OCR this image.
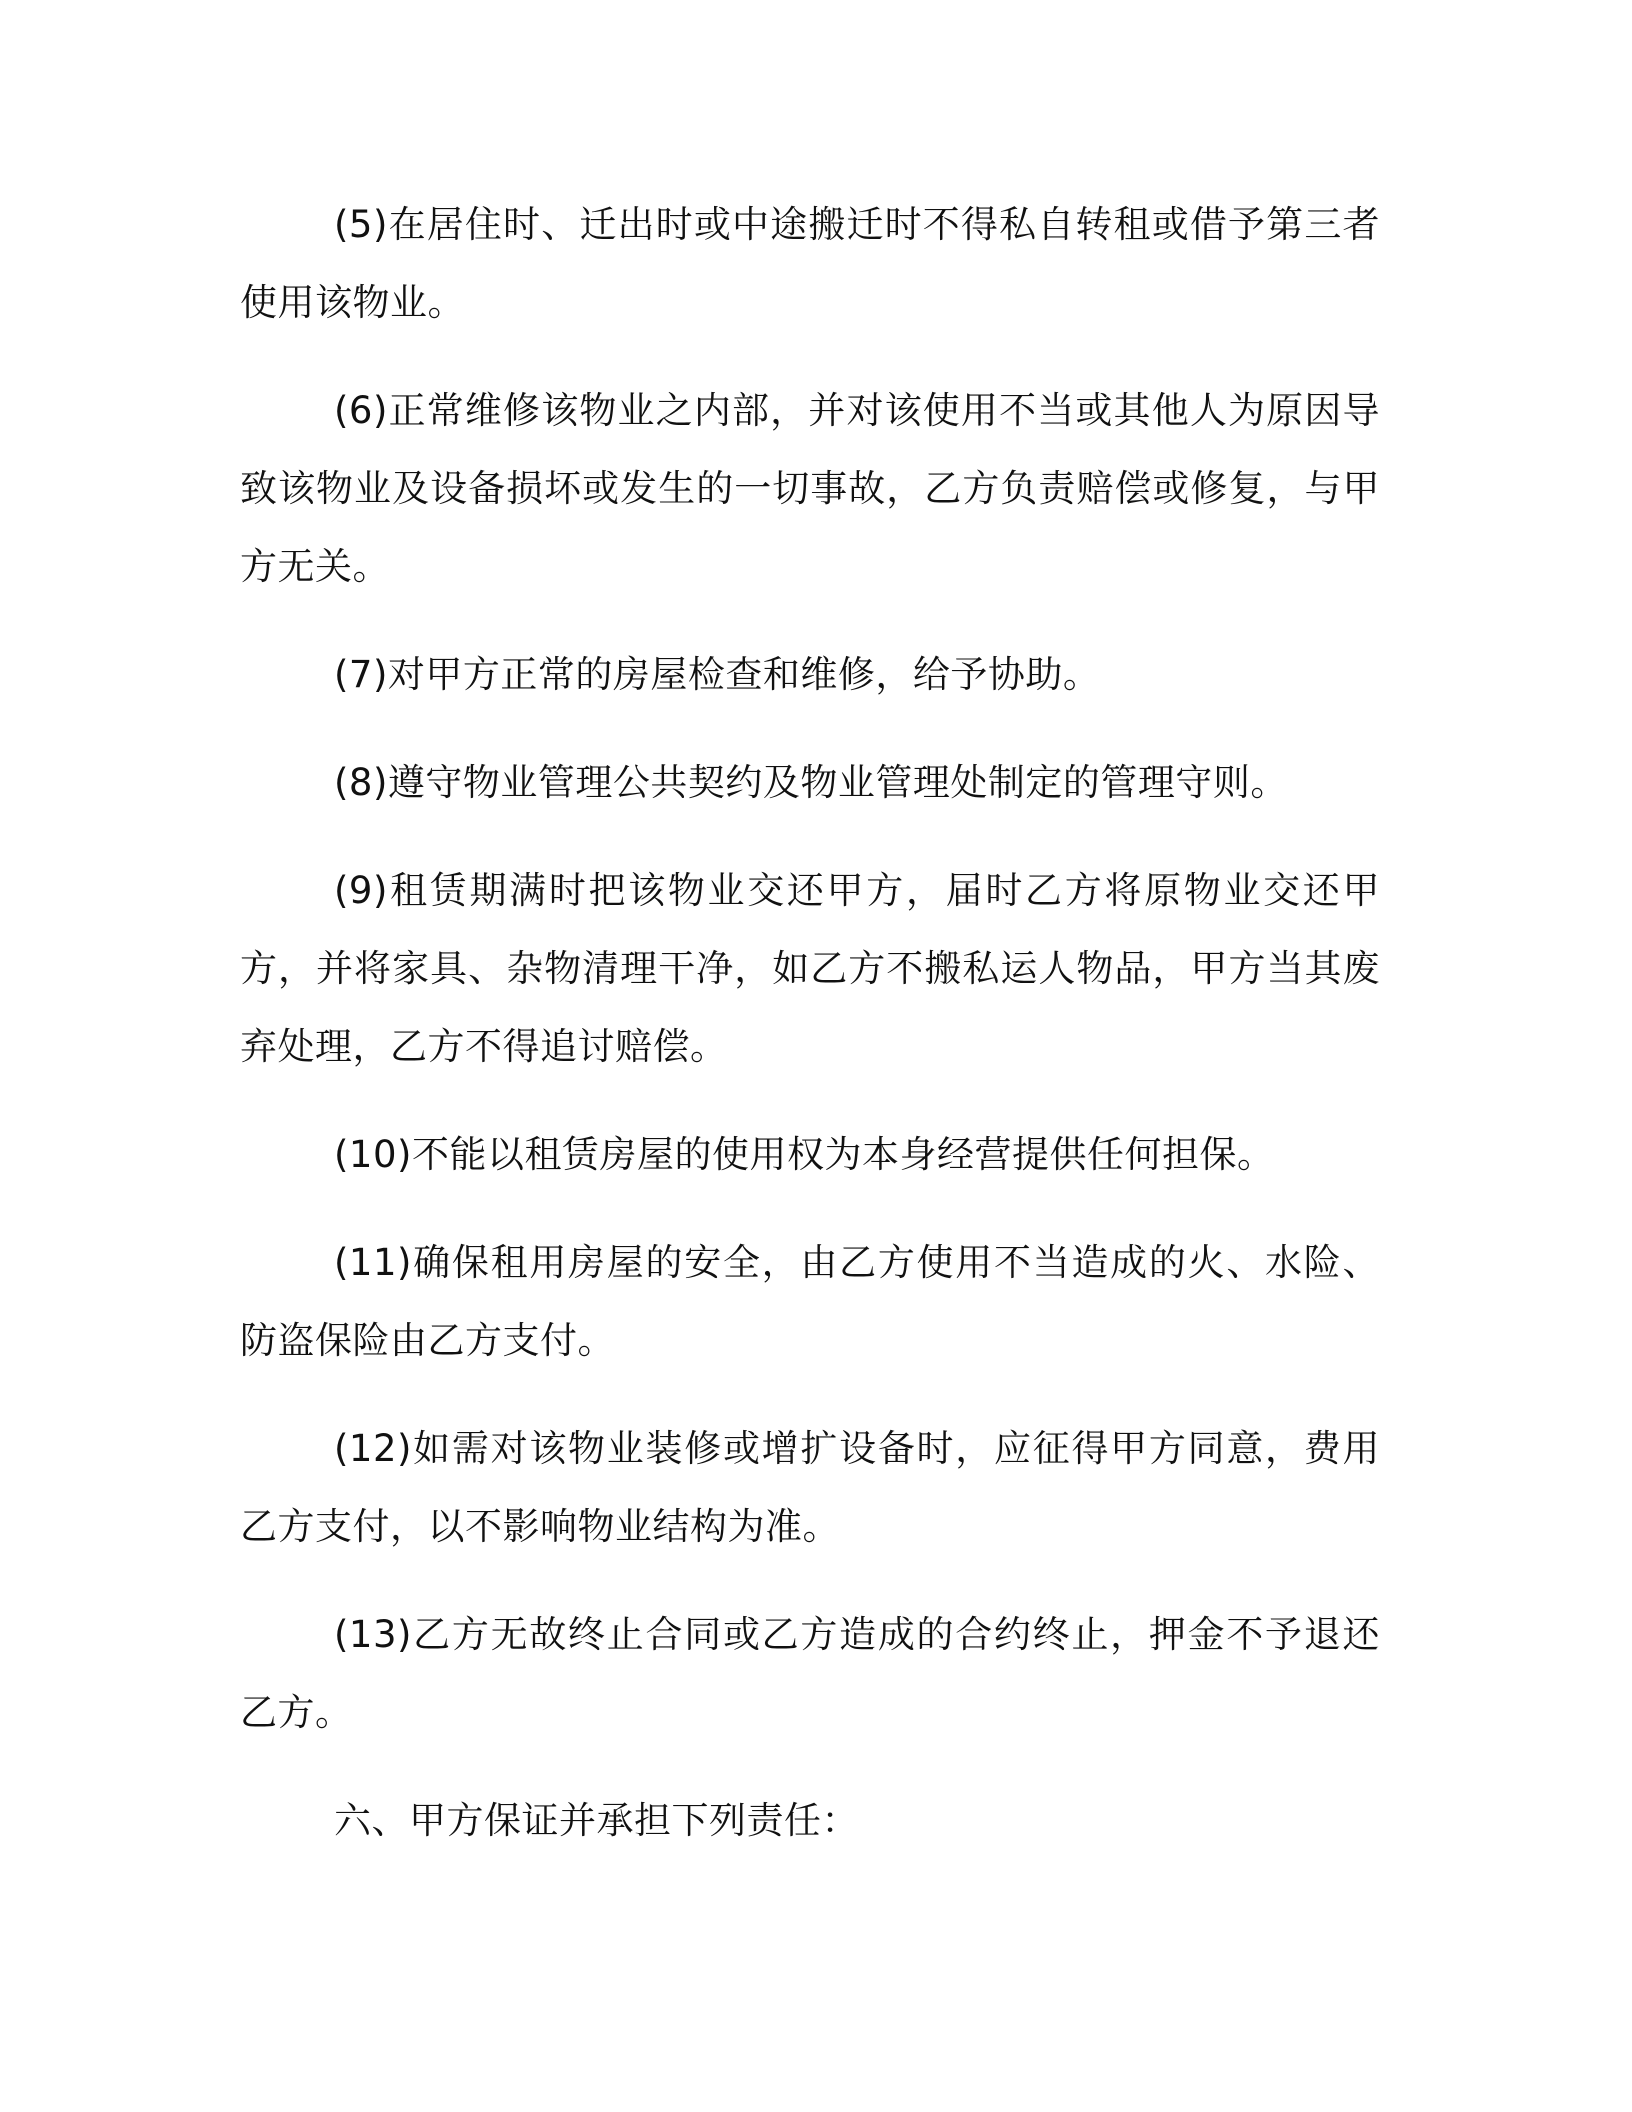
(5)在居住时、迁出时或中途搬迁时不得私自转租或借予第三者使用该物业。

(6)正常维修该物业之内部，并对该使用不当或其他人为原因导致该物业及设备损坏或发生的一切事故，乙方负责赔偿或修复，与甲方无关。

(7)对甲方正常的房屋检查和维修，给予协助。

(8)遵守物业管理公共契约及物业管理处制定的管理守则。

(9)租赁期满时把该物业交还甲方，届时乙方将原物业交还甲方，并将家具、杂物清理干净，如乙方不搬私运人物品，甲方当其废弃处理，乙方不得追讨赔偿。

(10)不能以租赁房屋的使用权为本身经营提供任何担保。

(11)确保租用房屋的安全，由乙方使用不当造成的火、水险、防盗保险由乙方支付。

(12)如需对该物业装修或增扩设备时，应征得甲方同意，费用乙方支付，以不影响物业结构为准。

(13)乙方无故终止合同或乙方造成的合约终止，押金不予退还乙方。

六、甲方保证并承担下列责任：
